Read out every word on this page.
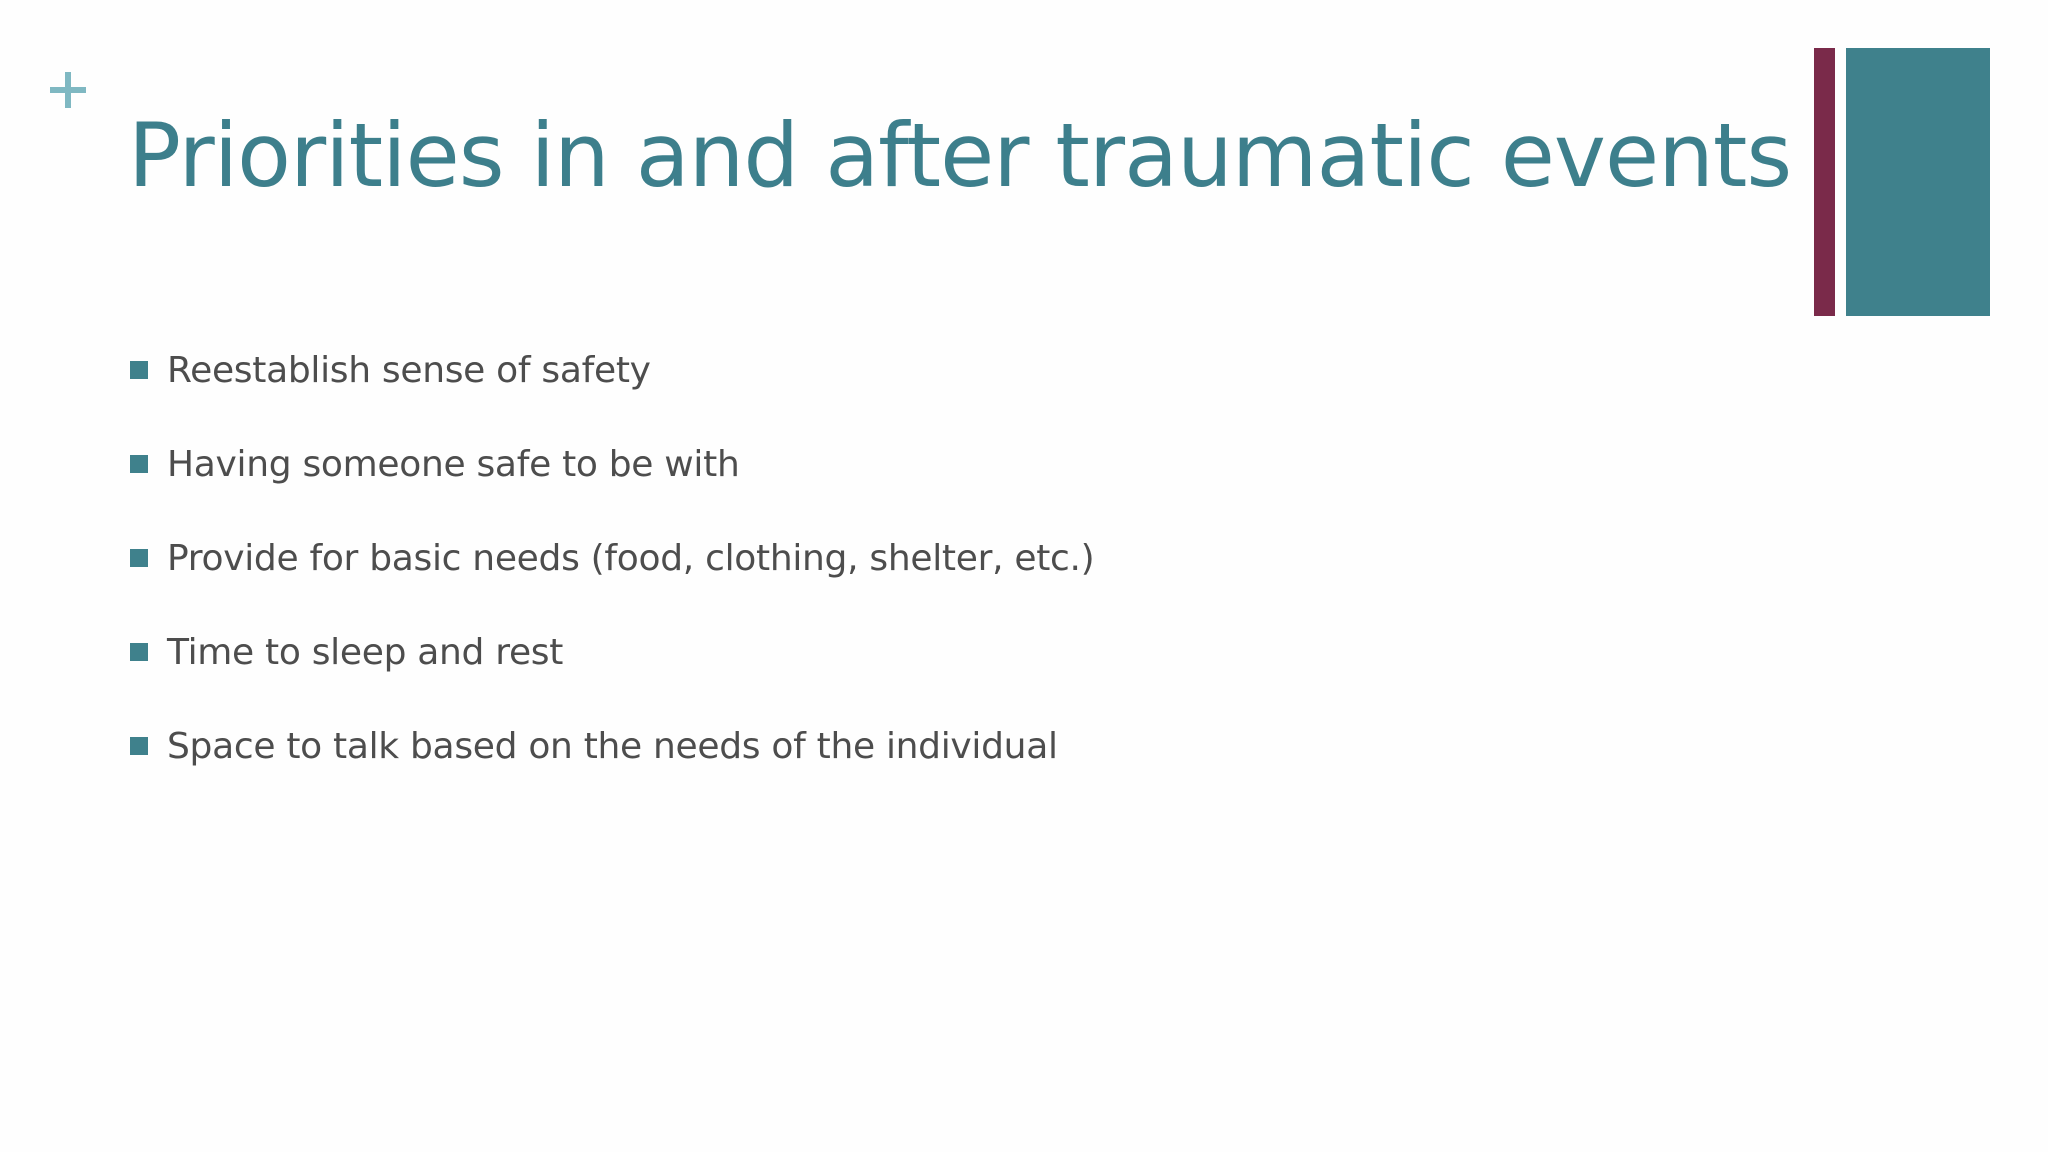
Priorities in and after traumatic events
Reestablish sense of safety
Having someone safe to be with
Provide for basic needs (food, clothing, shelter, etc.)
Time to sleep and rest
Space to talk based on the needs of the individual
